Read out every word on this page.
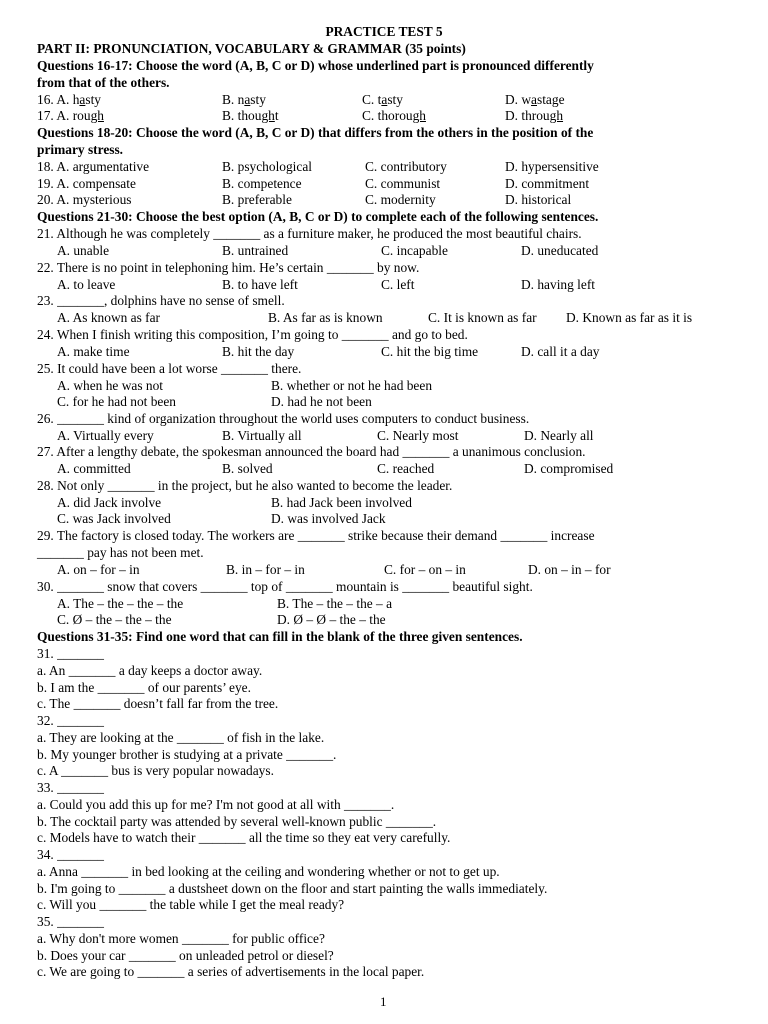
PRACTICE TEST 5
PART II: PRONUNCIATION, VOCABULARY & GRAMMAR (35 points)
Questions 16-17: Choose the word (A, B, C or D) whose underlined part is pronounced differently
from that of the others.
16. A. hasty	B. nasty	C. tasty	D. wastage
17. A. rough	B. thought	C. thorough	D. through
Questions 18-20: Choose the word (A, B, C or D) that differs from the others in the position of the
primary stress.
18. A. argumentative	B. psychological	C. contributory	D. hypersensitive
19. A. compensate	B. competence	C. communist	D. commitment
20. A. mysterious	B. preferable	C. modernity	D. historical
Questions 21-30: Choose the best option (A, B, C or D) to complete each of the following sentences.
21. Although he was completely _______ as a furniture maker, he produced the most beautiful chairs.
A. unable	B. untrained	C. incapable	D. uneducated
22. There is no point in telephoning him. He’s certain _______ by now.
A. to leave	B. to have left	C. left	D. having left
23. _______, dolphins have no sense of smell.
A. As known as far	B. As far as is known	C. It is known as far D. Known as far as it is
24. When I finish writing this composition, I’m going to _______ and go to bed.
A. make time	B. hit the day	C. hit the big time	D. call it a day
25. It could have been a lot worse _______ there.
A. when he was not	B. whether or not he had been
C. for he had not been	D. had he not been
26. _______ kind of organization throughout the world uses computers to conduct business.
A. Virtually every	B. Virtually all	C. Nearly most	D. Nearly all
27. After a lengthy debate, the spokesman announced the board had _______ a unanimous conclusion.
A. committed	B. solved	C. reached	D. compromised
28. Not only _______ in the project, but he also wanted to become the leader.
A. did Jack involve	B. had Jack been involved
C. was Jack involved	D. was involved Jack
29. The factory is closed today. The workers are _______ strike because their demand _______ increase
_______ pay has not been met.
A. on – for – in	B. in – for – in	C. for – on – in	D. on – in – for
30. _______ snow that covers _______ top of _______ mountain is _______ beautiful sight.
A. The – the – the – the	B. The – the – the – a
C. Ø – the – the – the	D. Ø – Ø – the – the
Questions 31-35: Find one word that can fill in the blank of the three given sentences.
31. _______
a. An _______ a day keeps a doctor away.
b. I am the _______ of our parents’ eye.
c. The _______ doesn’t fall far from the tree.
32. _______
a. They are looking at the _______ of fish in the lake.
b. My younger brother is studying at a private _______.
c. A _______ bus is very popular nowadays.
33. _______
a. Could you add this up for me? I'm not good at all with _______.
b. The cocktail party was attended by several well-known public _______.
c. Models have to watch their _______ all the time so they eat very carefully.
34. _______
a. Anna _______ in bed looking at the ceiling and wondering whether or not to get up.
b. I'm going to _______ a dustsheet down on the floor and start painting the walls immediately.
c. Will you _______ the table while I get the meal ready?
35. _______
a. Why don't more women _______ for public office?
b. Does your car _______ on unleaded petrol or diesel?
c. We are going to _______ a series of advertisements in the local paper.
1
